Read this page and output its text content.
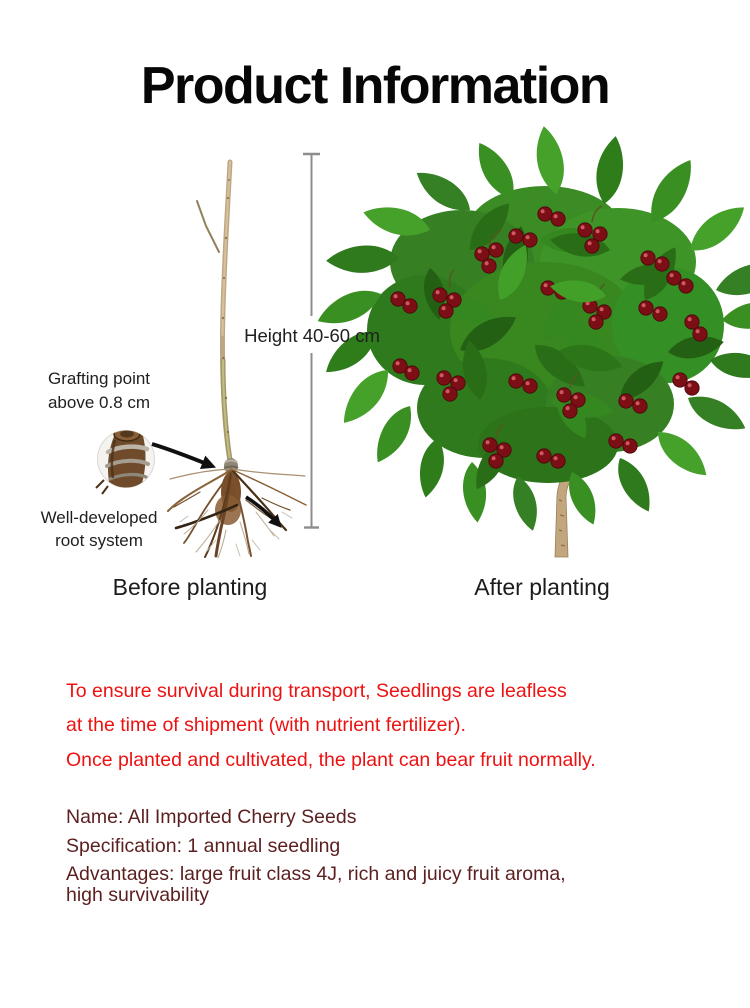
Product Information
Grafting point
above 0.8 cm
Height 40-60 cm
Well-developed
root system
Before planting	After planting
To ensure survival during transport, Seedlings are leafless
at the time of shipment (with nutrient fertilizer).
Once planted and cultivated, the plant can bear fruit normally.
Name: All Imported Cherry Seeds
Specification: 1 annual seedling
Advantages: large fruit class 4J, rich and juicy fruit aroma,
high survivability
